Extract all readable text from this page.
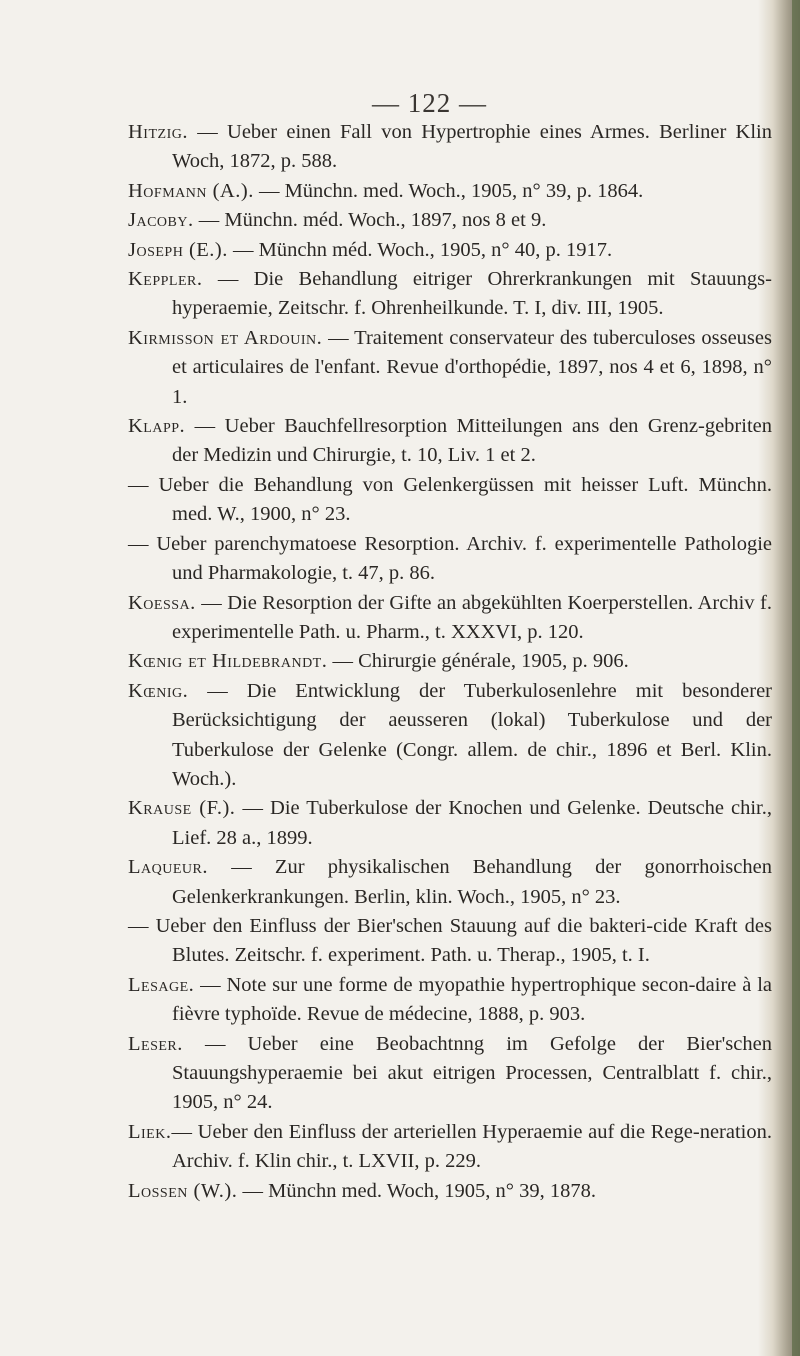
— 122 —

Hitzig. — Ueber einen Fall von Hypertrophie eines Armes. Berliner Klin Woch, 1872, p. 588.

Hofmann (A.). — Münchn. med. Woch., 1905, n° 39, p. 1864.

Jacoby. — Münchn. méd. Woch., 1897, nos 8 et 9.

Joseph (E.). — Münchn méd. Woch., 1905, n° 40, p. 1917.

Keppler. — Die Behandlung eitriger Ohrerkrankungen mit Stauungs-hyperaemie, Zeitschr. f. Ohrenheilkunde. T. I, div. III, 1905.

Kirmisson et Ardouin. — Traitement conservateur des tuberculoses osseuses et articulaires de l'enfant. Revue d'orthopédie, 1897, nos 4 et 6, 1898, n° 1.

Klapp. — Ueber Bauchfellresorption Mitteilungen ans den Grenz-gebriten der Medizin und Chirurgie, t. 10, Liv. 1 et 2.

— Ueber die Behandlung von Gelenkergüssen mit heisser Luft. Münchn. med. W., 1900, n° 23.

— Ueber parenchymatoese Resorption. Archiv. f. experimentelle Pathologie und Pharmakologie, t. 47, p. 86.

Koessa. — Die Resorption der Gifte an abgekühlten Koerperstellen. Archiv f. experimentelle Path. u. Pharm., t. XXXVI, p. 120.

Kœnig et Hildebrandt. — Chirurgie générale, 1905, p. 906.

Kœnig. — Die Entwicklung der Tuberkulosenlehre mit besonderer Berücksichtigung der aeusseren (lokal) Tuberkulose und der Tuberkulose der Gelenke (Congr. allem. de chir., 1896 et Berl. Klin. Woch.).

Krause (F.). — Die Tuberkulose der Knochen und Gelenke. Deutsche chir., Lief. 28 a., 1899.

Laqueur. — Zur physikalischen Behandlung der gonorrhoischen Gelenkerkrankungen. Berlin, klin. Woch., 1905, n° 23.

— Ueber den Einfluss der Bier'schen Stauung auf die bakteri-cide Kraft des Blutes. Zeitschr. f. experiment. Path. u. Therap., 1905, t. I.

Lesage. — Note sur une forme de myopathie hypertrophique secon-daire à la fièvre typhoïde. Revue de médecine, 1888, p. 903.

Leser. — Ueber eine Beobachtnng im Gefolge der Bier'schen Stauungshyperaemie bei akut eitrigen Processen, Centralblatt f. chir., 1905, n° 24.

Liek.— Ueber den Einfluss der arteriellen Hyperaemie auf die Rege-neration. Archiv. f. Klin chir., t. LXVII, p. 229.

Lossen (W.). — Münchn med. Woch, 1905, n° 39, 1878.
